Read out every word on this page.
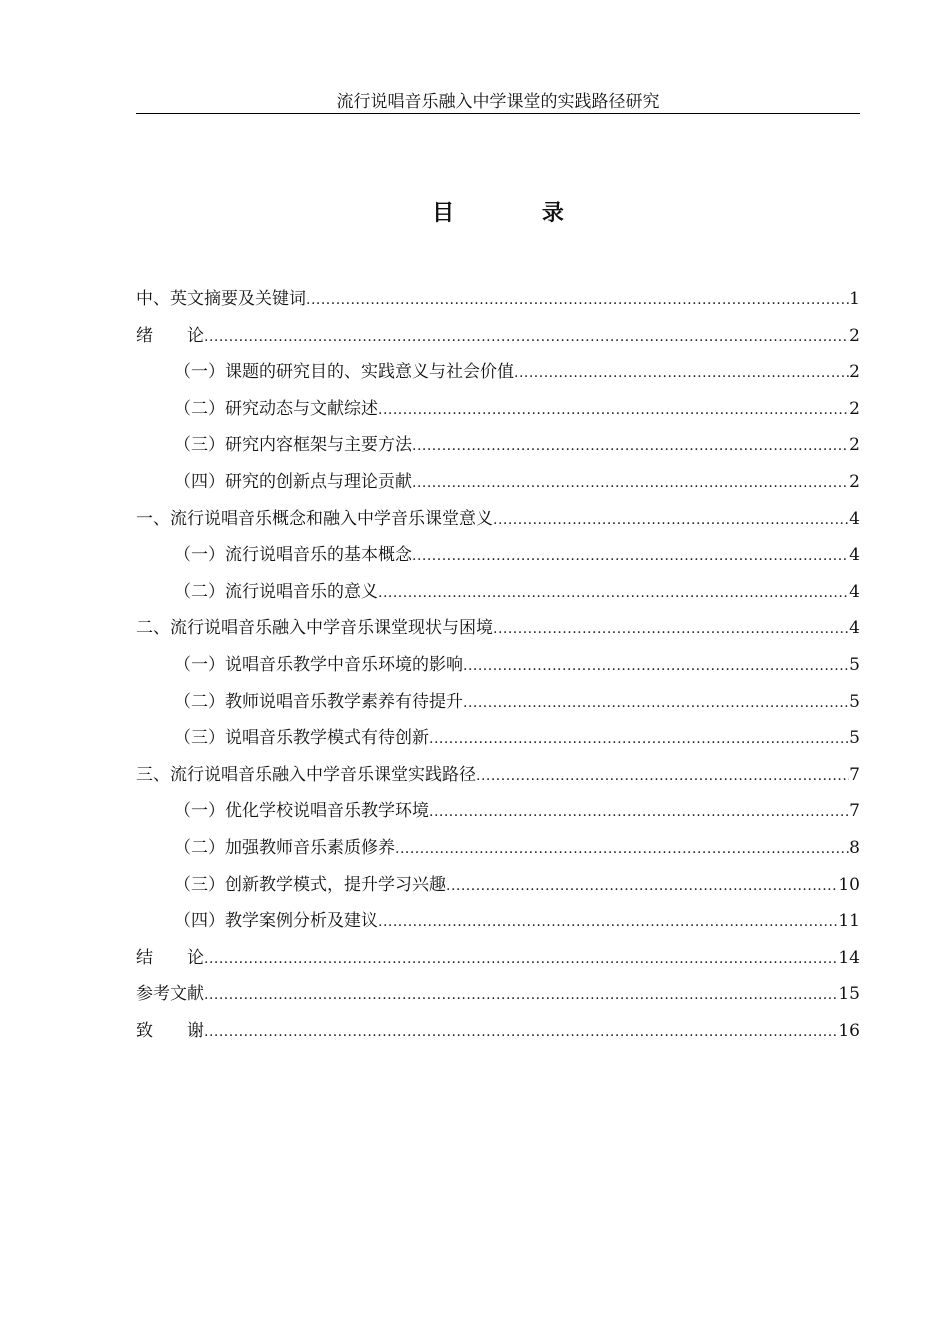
流行说唱音乐融入中学课堂的实践路径研究
目 录
中、英文摘要及关键词 .....	1
绪　　论 .....	2
（一）课题的研究目的、实践意义与社会价值 .....	2
（二）研究动态与文献综述 .....	2
（三）研究内容框架与主要方法 .....	2
（四）研究的创新点与理论贡献 .....	2
一、流行说唱音乐概念和融入中学音乐课堂意义 .....	4
（一）流行说唱音乐的基本概念 .....	4
（二）流行说唱音乐的意义 .....	4
二、流行说唱音乐融入中学音乐课堂现状与困境 .....	4
（一）说唱音乐教学中音乐环境的影响 .....	5
（二）教师说唱音乐教学素养有待提升 .....	5
（三）说唱音乐教学模式有待创新 .....	5
三、流行说唱音乐融入中学音乐课堂实践路径 .....	7
（一）优化学校说唱音乐教学环境 .....	7
（二）加强教师音乐素质修养 .....	8
（三）创新教学模式，提升学习兴趣 .....	10
（四）教学案例分析及建议 .....	11
结　　论 .....	14
参考文献 .....	15
致　　谢 .....	16
